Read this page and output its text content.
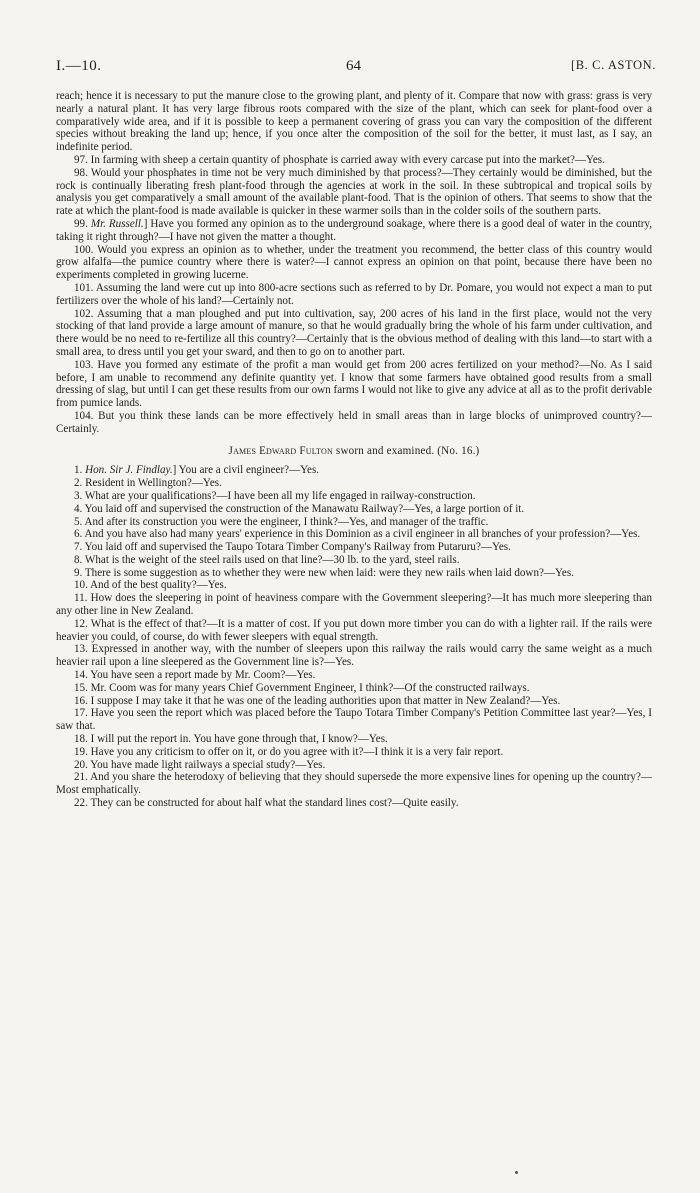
I.—10.	64	[B. C. ASTON.

reach; hence it is necessary to put the manure close to the growing plant, and plenty of it. Compare that now with grass: grass is very nearly a natural plant. It has very large fibrous roots compared with the size of the plant, which can seek for plant-food over a comparatively wide area, and if it is possible to keep a permanent covering of grass you can vary the composition of the different species without breaking the land up; hence, if you once alter the composition of the soil for the better, it must last, as I say, an indefinite period.

97. In farming with sheep a certain quantity of phosphate is carried away with every carcase put into the market?—Yes.

98. Would your phosphates in time not be very much diminished by that process?—They certainly would be diminished, but the rock is continually liberating fresh plant-food through the agencies at work in the soil. In these subtropical and tropical soils by analysis you get comparatively a small amount of the available plant-food. That is the opinion of others. That seems to show that the rate at which the plant-food is made available is quicker in these warmer soils than in the colder soils of the southern parts.

99. Mr. Russell.] Have you formed any opinion as to the underground soakage, where there is a good deal of water in the country, taking it right through?—I have not given the matter a thought.

100. Would you express an opinion as to whether, under the treatment you recommend, the better class of this country would grow alfalfa—the pumice country where there is water?—I cannot express an opinion on that point, because there have been no experiments completed in growing lucerne.

101. Assuming the land were cut up into 800-acre sections such as referred to by Dr. Pomare, you would not expect a man to put fertilizers over the whole of his land?—Certainly not.

102. Assuming that a man ploughed and put into cultivation, say, 200 acres of his land in the first place, would not the very stocking of that land provide a large amount of manure, so that he would gradually bring the whole of his farm under cultivation, and there would be no need to re-fertilize all this country?—Certainly that is the obvious method of dealing with this land—to start with a small area, to dress until you get your sward, and then to go on to another part.

103. Have you formed any estimate of the profit a man would get from 200 acres fertilized on your method?—No. As I said before, I am unable to recommend any definite quantity yet. I know that some farmers have obtained good results from a small dressing of slag, but until I can get these results from our own farms I would not like to give any advice at all as to the profit derivable from pumice lands.

104. But you think these lands can be more effectively held in small areas than in large blocks of unimproved country?—Certainly.

James Edward Fulton sworn and examined. (No. 16.)

1. Hon. Sir J. Findlay.] You are a civil engineer?—Yes.

2. Resident in Wellington?—Yes.

3. What are your qualifications?—I have been all my life engaged in railway-construction.

4. You laid off and supervised the construction of the Manawatu Railway?—Yes, a large portion of it.

5. And after its construction you were the engineer, I think?—Yes, and manager of the traffic.

6. And you have also had many years' experience in this Dominion as a civil engineer in all branches of your profession?—Yes.

7. You laid off and supervised the Taupo Totara Timber Company's Railway from Putaruru?—Yes.

8. What is the weight of the steel rails used on that line?—30 lb. to the yard, steel rails.

9. There is some suggestion as to whether they were new when laid: were they new rails when laid down?—Yes.

10. And of the best quality?—Yes.

11. How does the sleepering in point of heaviness compare with the Government sleepering?—It has much more sleepering than any other line in New Zealand.

12. What is the effect of that?—It is a matter of cost. If you put down more timber you can do with a lighter rail. If the rails were heavier you could, of course, do with fewer sleepers with equal strength.

13. Expressed in another way, with the number of sleepers upon this railway the rails would carry the same weight as a much heavier rail upon a line sleepered as the Government line is?—Yes.

14. You have seen a report made by Mr. Coom?—Yes.

15. Mr. Coom was for many years Chief Government Engineer, I think?—Of the constructed railways.

16. I suppose I may take it that he was one of the leading authorities upon that matter in New Zealand?—Yes.

17. Have you seen the report which was placed before the Taupo Totara Timber Company's Petition Committee last year?—Yes, I saw that.

18. I will put the report in. You have gone through that, I know?—Yes.

19. Have you any criticism to offer on it, or do you agree with it?—I think it is a very fair report.

20. You have made light railways a special study?—Yes.

21. And you share the heterodoxy of believing that they should supersede the more expensive lines for opening up the country?—Most emphatically.

22. They can be constructed for about half what the standard lines cost?—Quite easily.
